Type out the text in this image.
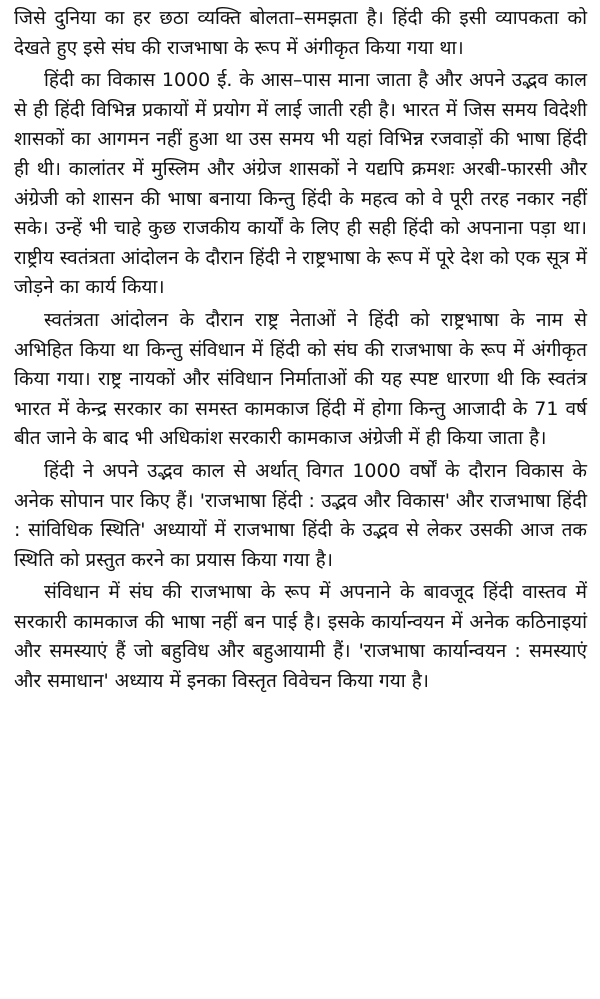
जिसे दुनिया का हर छठा व्यक्ति बोलता–समझता है। हिंदी की इसी व्यापकता को देखते हुए इसे संघ की राजभाषा के रूप में अंगीकृत किया गया था।

हिंदी का विकास 1000 ई. के आस–पास माना जाता है और अपने उद्भव काल से ही हिंदी विभिन्न प्रकायों में प्रयोग में लाई जाती रही है। भारत में जिस समय विदेशी शासकों का आगमन नहीं हुआ था उस समय भी यहां विभिन्न रजवाड़ों की भाषा हिंदी ही थी। कालांतर में मुस्लिम और अंग्रेज शासकों ने यद्यपि क्रमशः अरबी-फारसी और अंग्रेजी को शासन की भाषा बनाया किन्तु हिंदी के महत्व को वे पूरी तरह नकार नहीं सके। उन्हें भी चाहे कुछ राजकीय कार्यों के लिए ही सही हिंदी को अपनाना पड़ा था। राष्ट्रीय स्वतंत्रता आंदोलन के दौरान हिंदी ने राष्ट्रभाषा के रूप में पूरे देश को एक सूत्र में जोड़ने का कार्य किया।

स्वतंत्रता आंदोलन के दौरान राष्ट्र नेताओं ने हिंदी को राष्ट्रभाषा के नाम से अभिहित किया था किन्तु संविधान में हिंदी को संघ की राजभाषा के रूप में अंगीकृत किया गया। राष्ट्र नायकों और संविधान निर्माताओं की यह स्पष्ट धारणा थी कि स्वतंत्र भारत में केन्द्र सरकार का समस्त कामकाज हिंदी में होगा किन्तु आजादी के 71 वर्ष बीत जाने के बाद भी अधिकांश सरकारी कामकाज अंग्रेजी में ही किया जाता है।

हिंदी ने अपने उद्भव काल से अर्थात् विगत 1000 वर्षों के दौरान विकास के अनेक सोपान पार किए हैं। 'राजभाषा हिंदी : उद्भव और विकास' और राजभाषा हिंदी : सांविधिक स्थिति' अध्यायों में राजभाषा हिंदी के उद्भव से लेकर उसकी आज तक स्थिति को प्रस्तुत करने का प्रयास किया गया है।

संविधान में संघ की राजभाषा के रूप में अपनाने के बावजूद हिंदी वास्तव में सरकारी कामकाज की भाषा नहीं बन पाई है। इसके कार्यान्वयन में अनेक कठिनाइयां और समस्याएं हैं जो बहुविध और बहुआयामी हैं। 'राजभाषा कार्यान्वयन : समस्याएं और समाधान' अध्याय में इनका विस्तृत विवेचन किया गया है।
